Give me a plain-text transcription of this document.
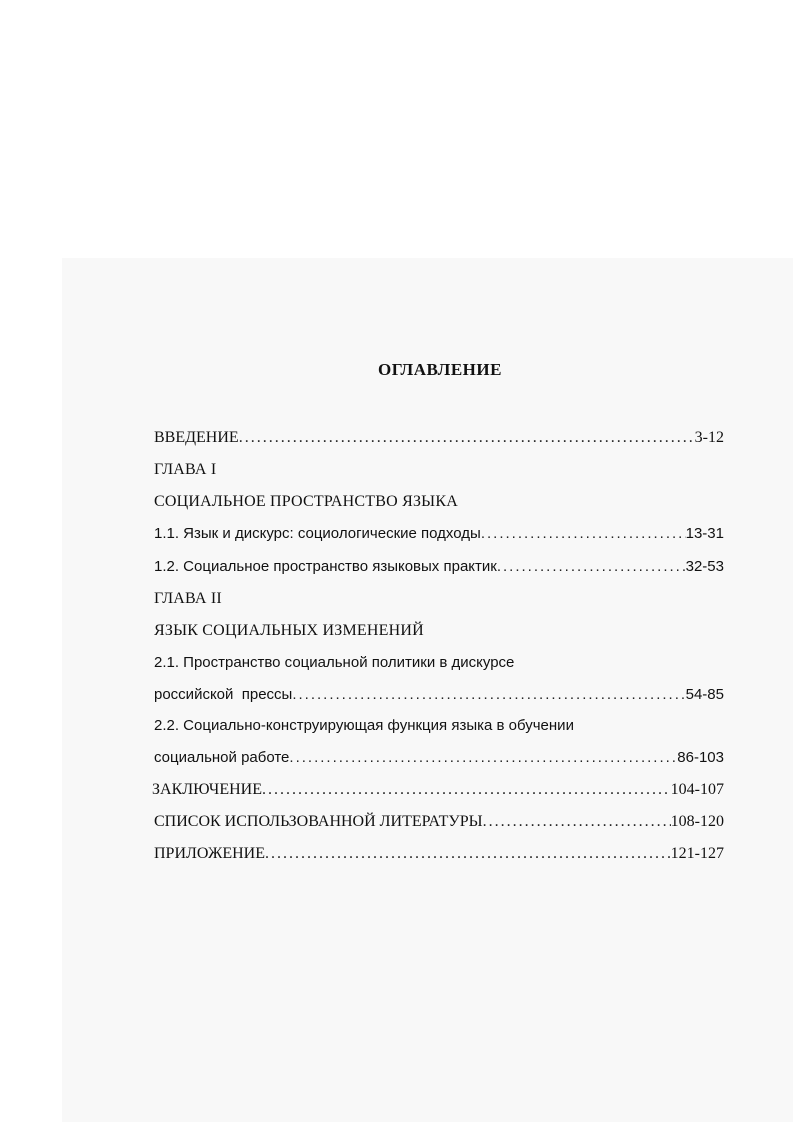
ОГЛАВЛЕНИЕ
ВВЕДЕНИЕ .....	3-12
ГЛАВА I
СОЦИАЛЬНОЕ ПРОСТРАНСТВО ЯЗЫКА
1.1. Язык и дискурс: социологические подходы .....	13-31
1.2. Социальное пространство языковых практик .....	32-53
ГЛАВА II
ЯЗЫК СОЦИАЛЬНЫХ ИЗМЕНЕНИЙ
2.1. Пространство социальной политики в дискурсе
российской  прессы .....	54-85
2.2. Социально-конструирующая функция языка в обучении
социальной работе .....	86-103
ЗАКЛЮЧЕНИЕ .....	104-107
СПИСОК ИСПОЛЬЗОВАННОЙ ЛИТЕРАТУРЫ .....	108-120
ПРИЛОЖЕНИЕ .....	121-127
